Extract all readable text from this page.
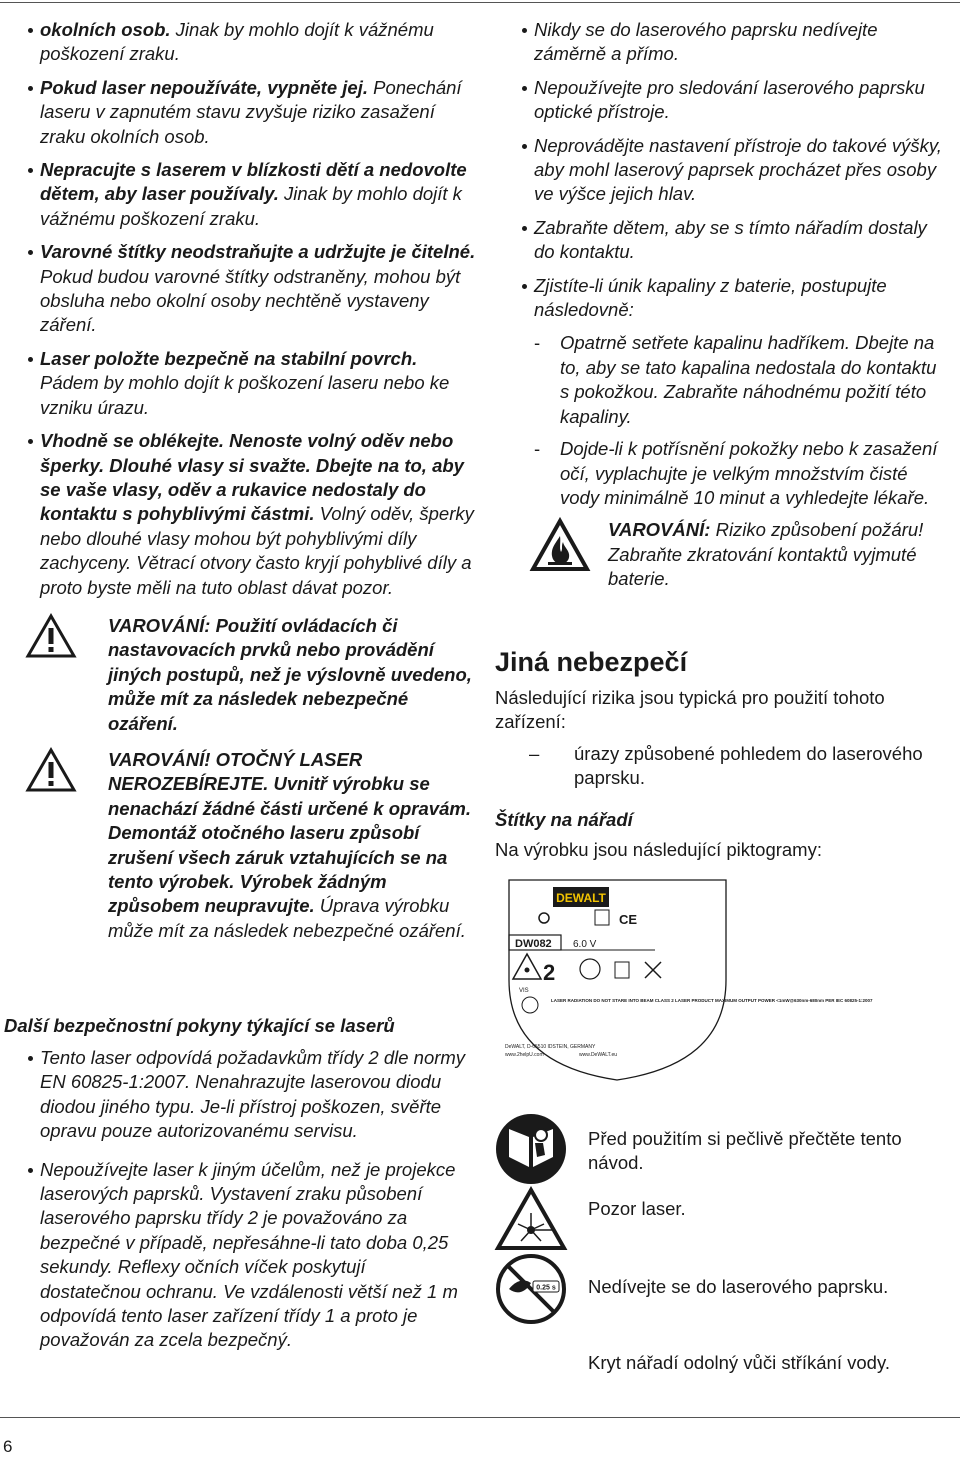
okolních osob. Jinak by mohlo dojít k vážnému poškození zraku.

Pokud laser nepoužíváte, vypněte jej. Ponechání laseru v zapnutém stavu zvyšuje riziko zasažení zraku okolních osob.

Nepracujte s laserem v blízkosti dětí a nedovolte dětem, aby laser používaly. Jinak by mohlo dojít k vážnému poškození zraku.

Varovné štítky neodstraňujte a udržujte je čitelné. Pokud budou varovné štítky odstraněny, mohou být obsluha nebo okolní osoby nechtěně vystaveny záření.

Laser položte bezpečně na stabilní povrch. Pádem by mohlo dojít k poškození laseru nebo ke vzniku úrazu.

Vhodně se oblékejte. Nenoste volný oděv nebo šperky. Dlouhé vlasy si svažte. Dbejte na to, aby se vaše vlasy, oděv a rukavice nedostaly do kontaktu s pohyblivými částmi. Volný oděv, šperky nebo dlouhé vlasy mohou být pohyblivými díly zachyceny. Větrací otvory často kryjí pohyblivé díly a proto byste měli na tuto oblast dávat pozor.

VAROVÁNÍ: Použití ovládacích či nastavovacích prvků nebo provádění jiných postupů, než je výslovně uvedeno, může mít za následek nebezpečné ozáření.

VAROVÁNÍ! OTOČNÝ LASER NEROZEBÍREJTE. Uvnitř výrobku se nenachází žádné části určené k opravám. Demontáž otočného laseru způsobí zrušení všech záruk vztahujících se na tento výrobek. Výrobek žádným způsobem neupravujte. Úprava výrobku může mít za následek nebezpečné ozáření.

Další bezpečnostní pokyny týkající se laserů

Tento laser odpovídá požadavkům třídy 2 dle normy EN 60825-1:2007. Nenahrazujte laserovou diodu diodou jiného typu. Je-li přístroj poškozen, svěřte opravu pouze autorizovanému servisu.

Nepoužívejte laser k jiným účelům, než je projekce laserových paprsků. Vystavení zraku působení laserového paprsku třídy 2 je považováno za bezpečné v případě, nepřesáhne-li tato doba 0,25 sekundy. Reflexy očních víček poskytují dostatečnou ochranu. Ve vzdálenosti větší než 1 m odpovídá tento laser zařízení třídy 1 a proto je považován za zcela bezpečný.

Nikdy se do laserového paprsku nedívejte záměrně a přímo.

Nepoužívejte pro sledování laserového paprsku optické přístroje.

Neprovádějte nastavení přístroje do takové výšky, aby mohl laserový paprsek procházet přes osoby ve výšce jejich hlav.

Zabraňte dětem, aby se s tímto nářadím dostaly do kontaktu.

Zjistíte-li únik kapaliny z baterie, postupujte následovně:

- Opatrně setřete kapalinu hadříkem. Dbejte na to, aby se tato kapalina nedostala do kontaktu s pokožkou. Zabraňte náhodnému požití této kapaliny.

- Dojde-li k potřísnění pokožky nebo k zasažení očí, vyplachujte je velkým množstvím čisté vody minimálně 10 minut a vyhledejte lékaře.

VAROVÁNÍ: Riziko způsobení požáru! Zabraňte zkratování kontaktů vyjmuté baterie.

Jiná nebezpečí

Následující rizika jsou typická pro použití tohoto zařízení:

– úrazy způsobené pohledem do laserového paprsku.

Štítky na nářadí

Na výrobku jsou následující piktogramy:

DEWALT
CE
DW082 6.0 V
VIS
2
LASER RADIATION DO NOT STARE INTO BEAM CLASS 2 LASER PRODUCT MAXIMUM OUTPUT POWER <1mW@630nm-680nm PER IEC 60825-1:2007
DeWALT, D-65510 IDSTEIN, GERMANY
www.2helpU.com	www.DeWALT.eu

Před použitím si pečlivě přečtěte tento návod.

Pozor laser.

0.25 s Nedívejte se do laserového paprsku.

Kryt nářadí odolný vůči stříkání vody.

6
